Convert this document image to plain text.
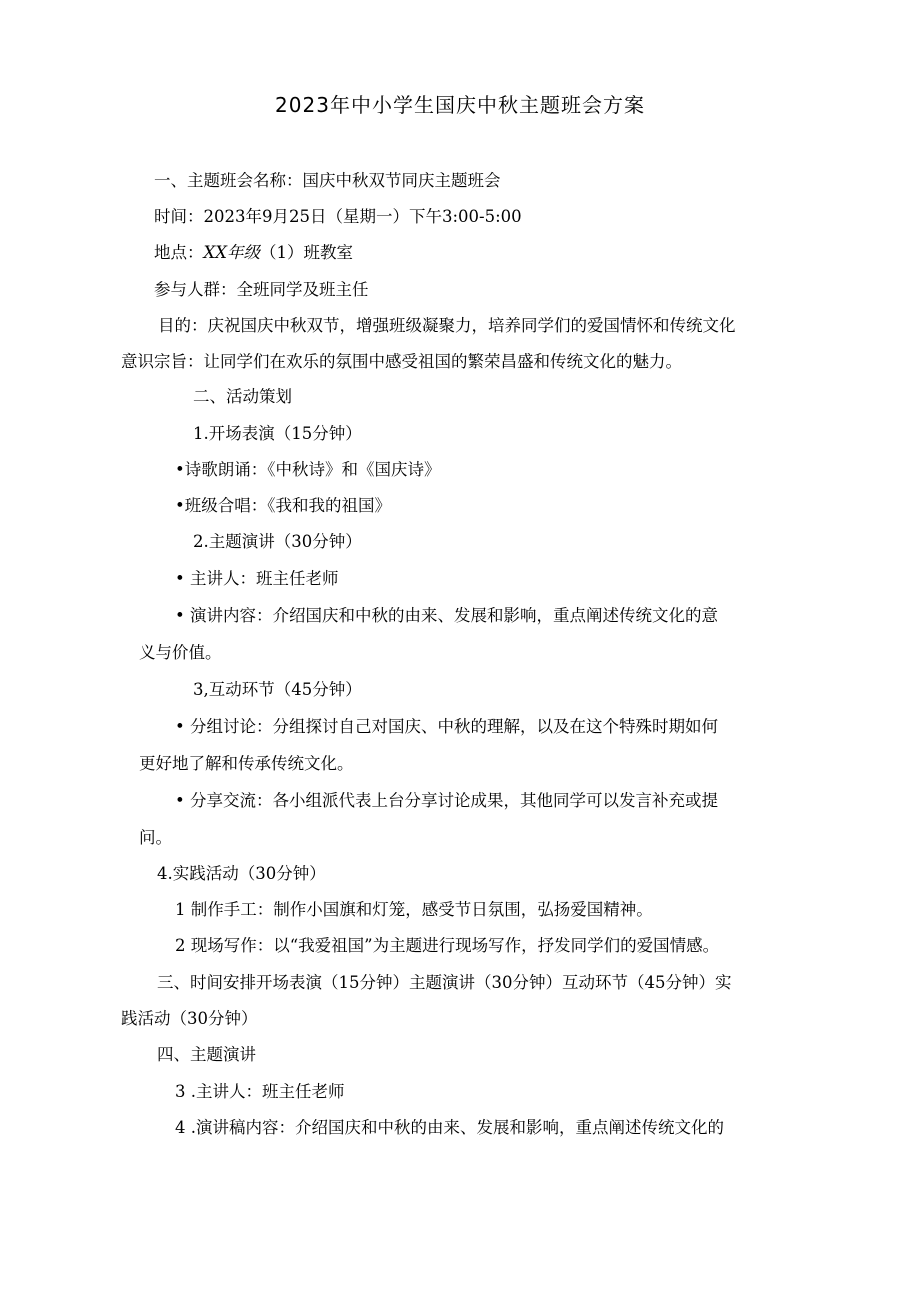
2023年中小学生国庆中秋主题班会方案
一、主题班会名称：国庆中秋双节同庆主题班会
时间：2023年9月25日（星期一）下午3:00-5:00
地点：XX年级（1）班教室
参与人群：全班同学及班主任
目的：庆祝国庆中秋双节，增强班级凝聚力，培养同学们的爱国情怀和传统文化
意识宗旨：让同学们在欢乐的氛围中感受祖国的繁荣昌盛和传统文化的魅力。
二、活动策划
1.开场表演（15分钟）
•诗歌朗诵：《中秋诗》和《国庆诗》
•班级合唱：《我和我的祖国》
2.主题演讲（30分钟）
• 主讲人：班主任老师
• 演讲内容：介绍国庆和中秋的由来、发展和影响，重点阐述传统文化的意
义与价值。
3,互动环节（45分钟）
• 分组讨论：分组探讨自己对国庆、中秋的理解，以及在这个特殊时期如何
更好地了解和传承传统文化。
• 分享交流：各小组派代表上台分享讨论成果，其他同学可以发言补充或提
问。
4.实践活动（30分钟）
1 制作手工：制作小国旗和灯笼，感受节日氛围，弘扬爱国精神。
2 现场写作：以“我爱祖国”为主题进行现场写作，抒发同学们的爱国情感。
三、时间安排开场表演（15分钟）主题演讲（30分钟）互动环节（45分钟）实
践活动（30分钟）
四、主题演讲
3 .主讲人：班主任老师
4 .演讲稿内容：介绍国庆和中秋的由来、发展和影响，重点阐述传统文化的
